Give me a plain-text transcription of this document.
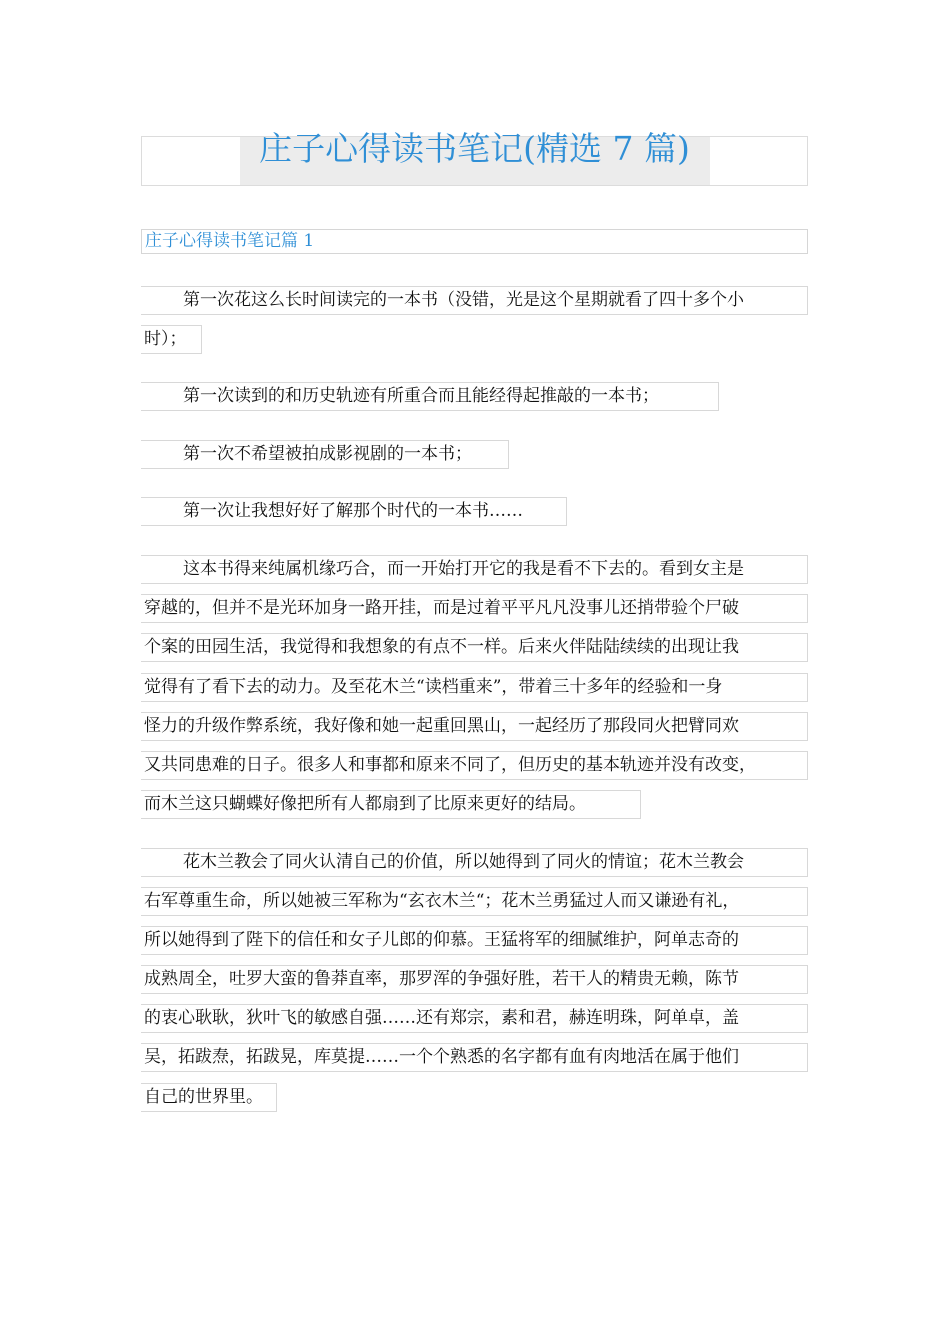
庄子心得读书笔记(精选 7 篇)
庄子心得读书笔记篇 1
第一次花这么长时间读完的一本书（没错，光是这个星期就看了四十多个小
时）；
第一次读到的和历史轨迹有所重合而且能经得起推敲的一本书；
第一次不希望被拍成影视剧的一本书；
第一次让我想好好了解那个时代的一本书……
这本书得来纯属机缘巧合，而一开始打开它的我是看不下去的。看到女主是
穿越的，但并不是光环加身一路开挂，而是过着平平凡凡没事儿还捎带验个尸破
个案的田园生活，我觉得和我想象的有点不一样。后来火伴陆陆续续的出现让我
觉得有了看下去的动力。及至花木兰“读档重来”，带着三十多年的经验和一身
怪力的升级作弊系统，我好像和她一起重回黑山，一起经历了那段同火把臂同欢
又共同患难的日子。很多人和事都和原来不同了，但历史的基本轨迹并没有改变，
而木兰这只蝴蝶好像把所有人都扇到了比原来更好的结局。
花木兰教会了同火认清自己的价值，所以她得到了同火的情谊；花木兰教会
右军尊重生命，所以她被三军称为“玄衣木兰“；花木兰勇猛过人而又谦逊有礼，
所以她得到了陛下的信任和女子儿郎的仰慕。王猛将军的细腻维护，阿单志奇的
成熟周全，吐罗大蛮的鲁莽直率，那罗浑的争强好胜，若干人的精贵无赖，陈节
的衷心耿耿，狄叶飞的敏感自强……还有郑宗，素和君，赫连明珠，阿单卓，盖
吴，拓跋焘，拓跋晃，库莫提……一个个熟悉的名字都有血有肉地活在属于他们
自己的世界里。
